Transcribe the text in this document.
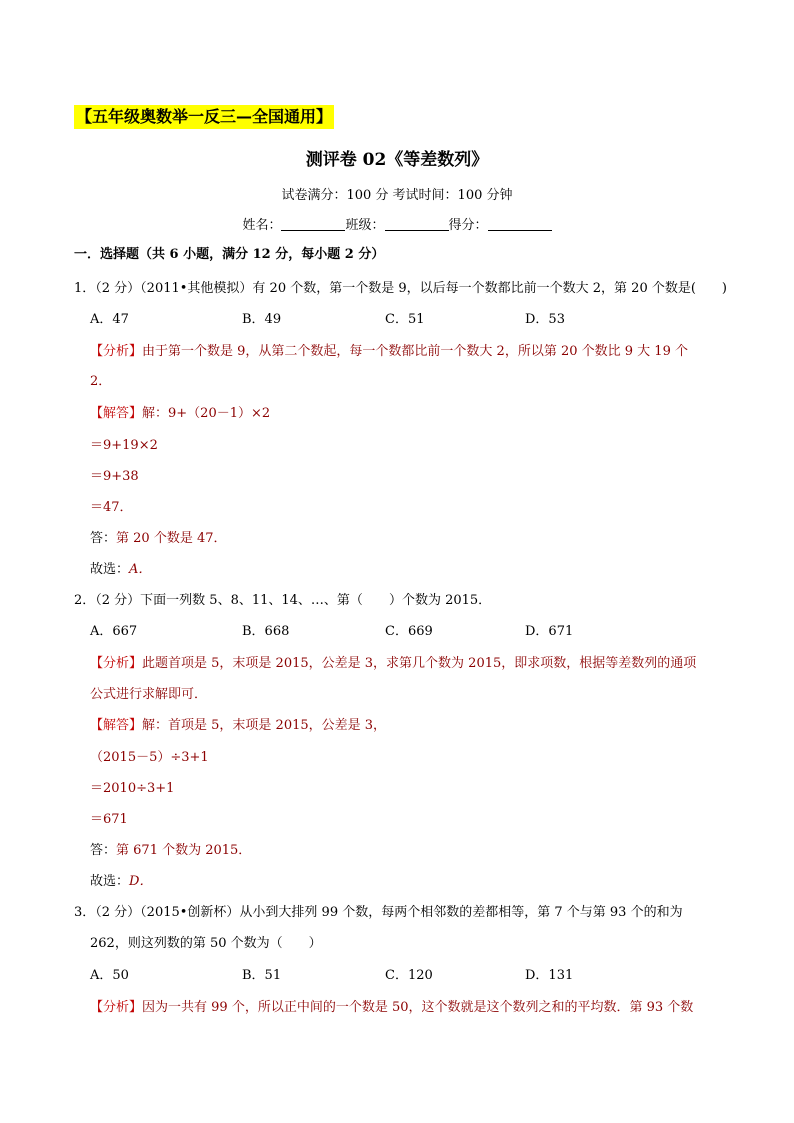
【五年级奥数举一反三—全国通用】
测评卷 02《等差数列》
试卷满分：100 分 考试时间：100 分钟
姓名：	班级：	得分：
一．选择题（共 6 小题，满分 12 分，每小题 2 分）
1．（2 分）（2011•其他模拟）有 20 个数，第一个数是 9，以后每一个数都比前一个数大 2，第 20 个数是( )
A．47	B．49	C．51	D．53
【分析】由于第一个数是 9，从第二个数起，每一个数都比前一个数大 2，所以第 20 个数比 9 大 19 个
2．
【解答】解：9+（20－1）×2
＝9+19×2
＝9+38
＝47．
答：第 20 个数是 47．
故选：A．
2．（2 分）下面一列数 5、8、11、14、…、第（ ）个数为 2015．
A．667	B．668	C．669	D．671
【分析】此题首项是 5，末项是 2015，公差是 3，求第几个数为 2015，即求项数，根据等差数列的通项
公式进行求解即可．
【解答】解：首项是 5，末项是 2015，公差是 3，
（2015－5）÷3+1
＝2010÷3+1
＝671
答：第 671 个数为 2015．
故选：D．
3．（2 分）（2015•创新杯）从小到大排列 99 个数，每两个相邻数的差都相等，第 7 个与第 93 个的和为
262，则这列数的第 50 个数为（ ）
A．50	B．51	C．120	D．131
【分析】因为一共有 99 个，所以正中间的一个数是 50，这个数就是这个数列之和的平均数．第 93 个数
